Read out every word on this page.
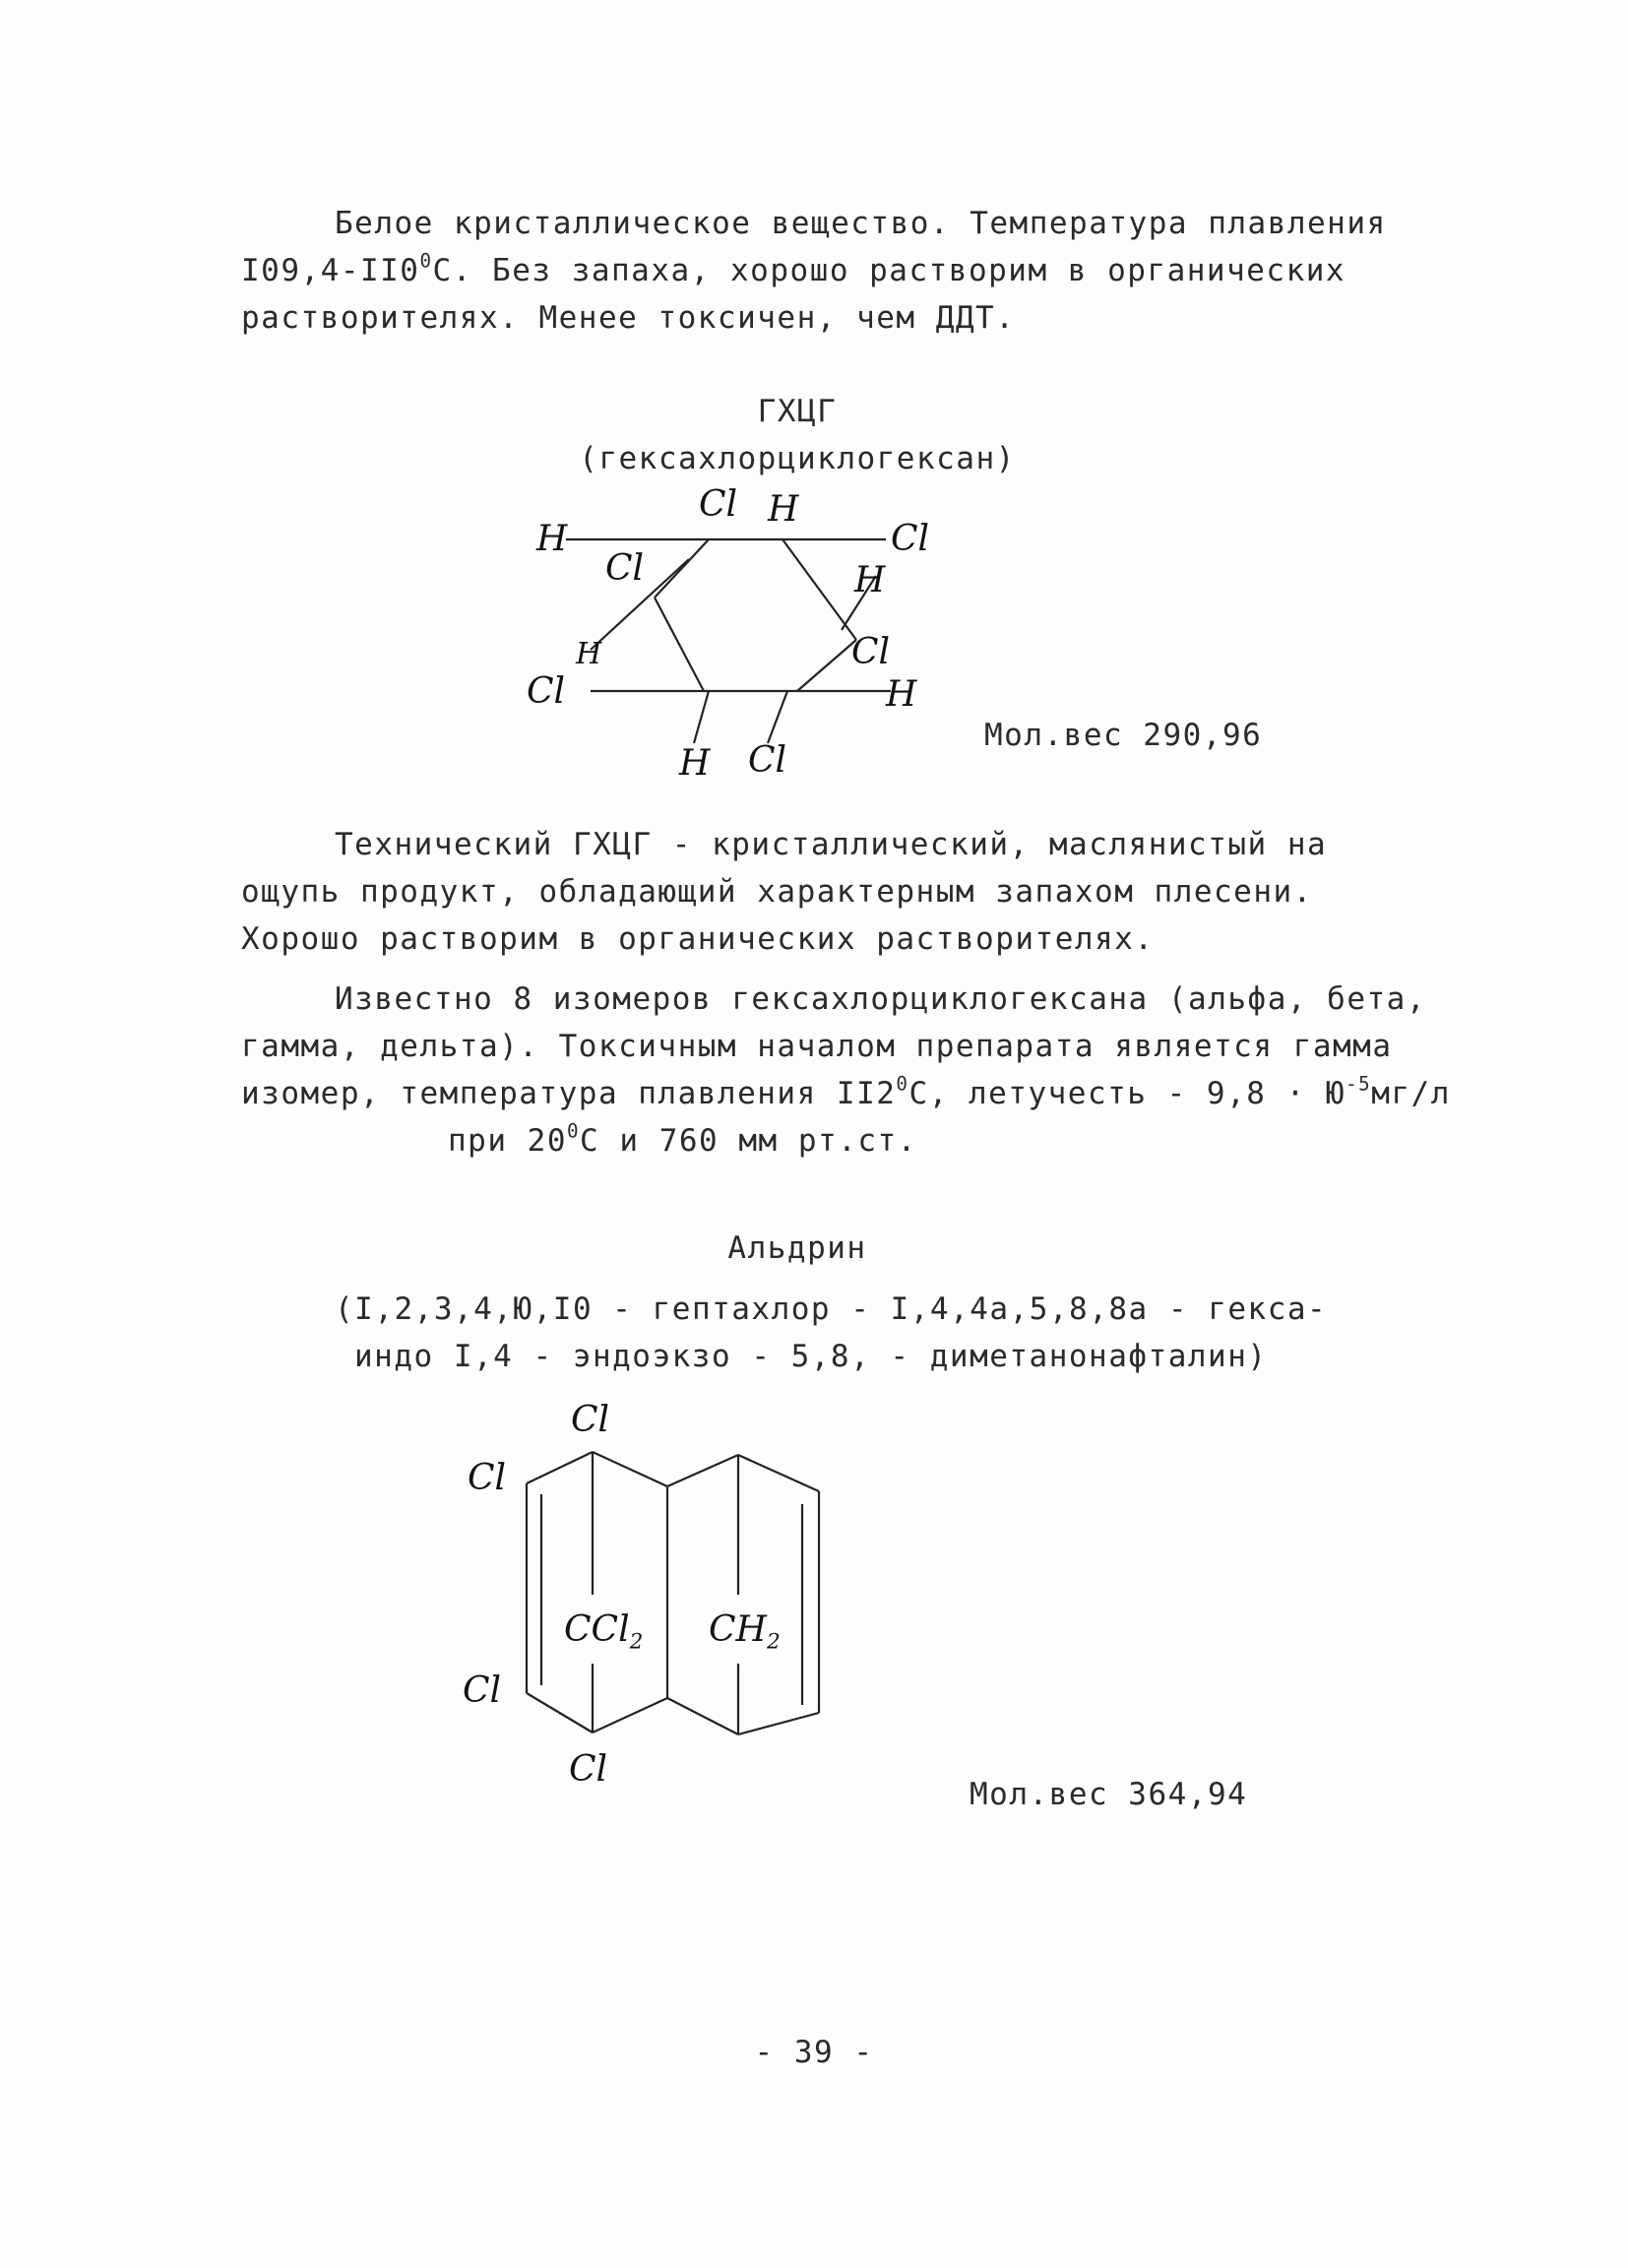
Белое кристаллическое вещество. Температура плавления
$I09,4-II0^0С$. Без запаха, хорошо растворим в органических
растворителях. Менее токсичен, чем ДДТ.
ГХЦГ
(гексахлорциклогексан)
Cl H
H	Cl
Cl	H
H	Cl
Cl	H
H Cl
Мол.вес 290,96
Технический ГХЦГ - кристаллический, маслянистый на
ощупь продукт, обладающий характерным запахом плесени.
Хорошо растворим в органических растворителях.
Известно 8 изомеров гексахлорциклогексана (альфа, бета,
гамма, дельта). Токсичным началом препарата является гамма
изомер, температура плавления $II2^0С$, летучесть - $9,8 \cdot Ю^{-5}мг/л$
при $20^0С$ и 760 мм рт.ст.
Альдрин
(I,2,3,4,Ю,I0 - гептахлор - I,4,4а,5,8,8а - гекса-
индо I,4 - эндоэкзо - 5,8, - диметанонафталин)
Cl
Cl
Cl
Cl
CCl$_2$ $CH_2$
Мол.вес 364,94
- 39 -
